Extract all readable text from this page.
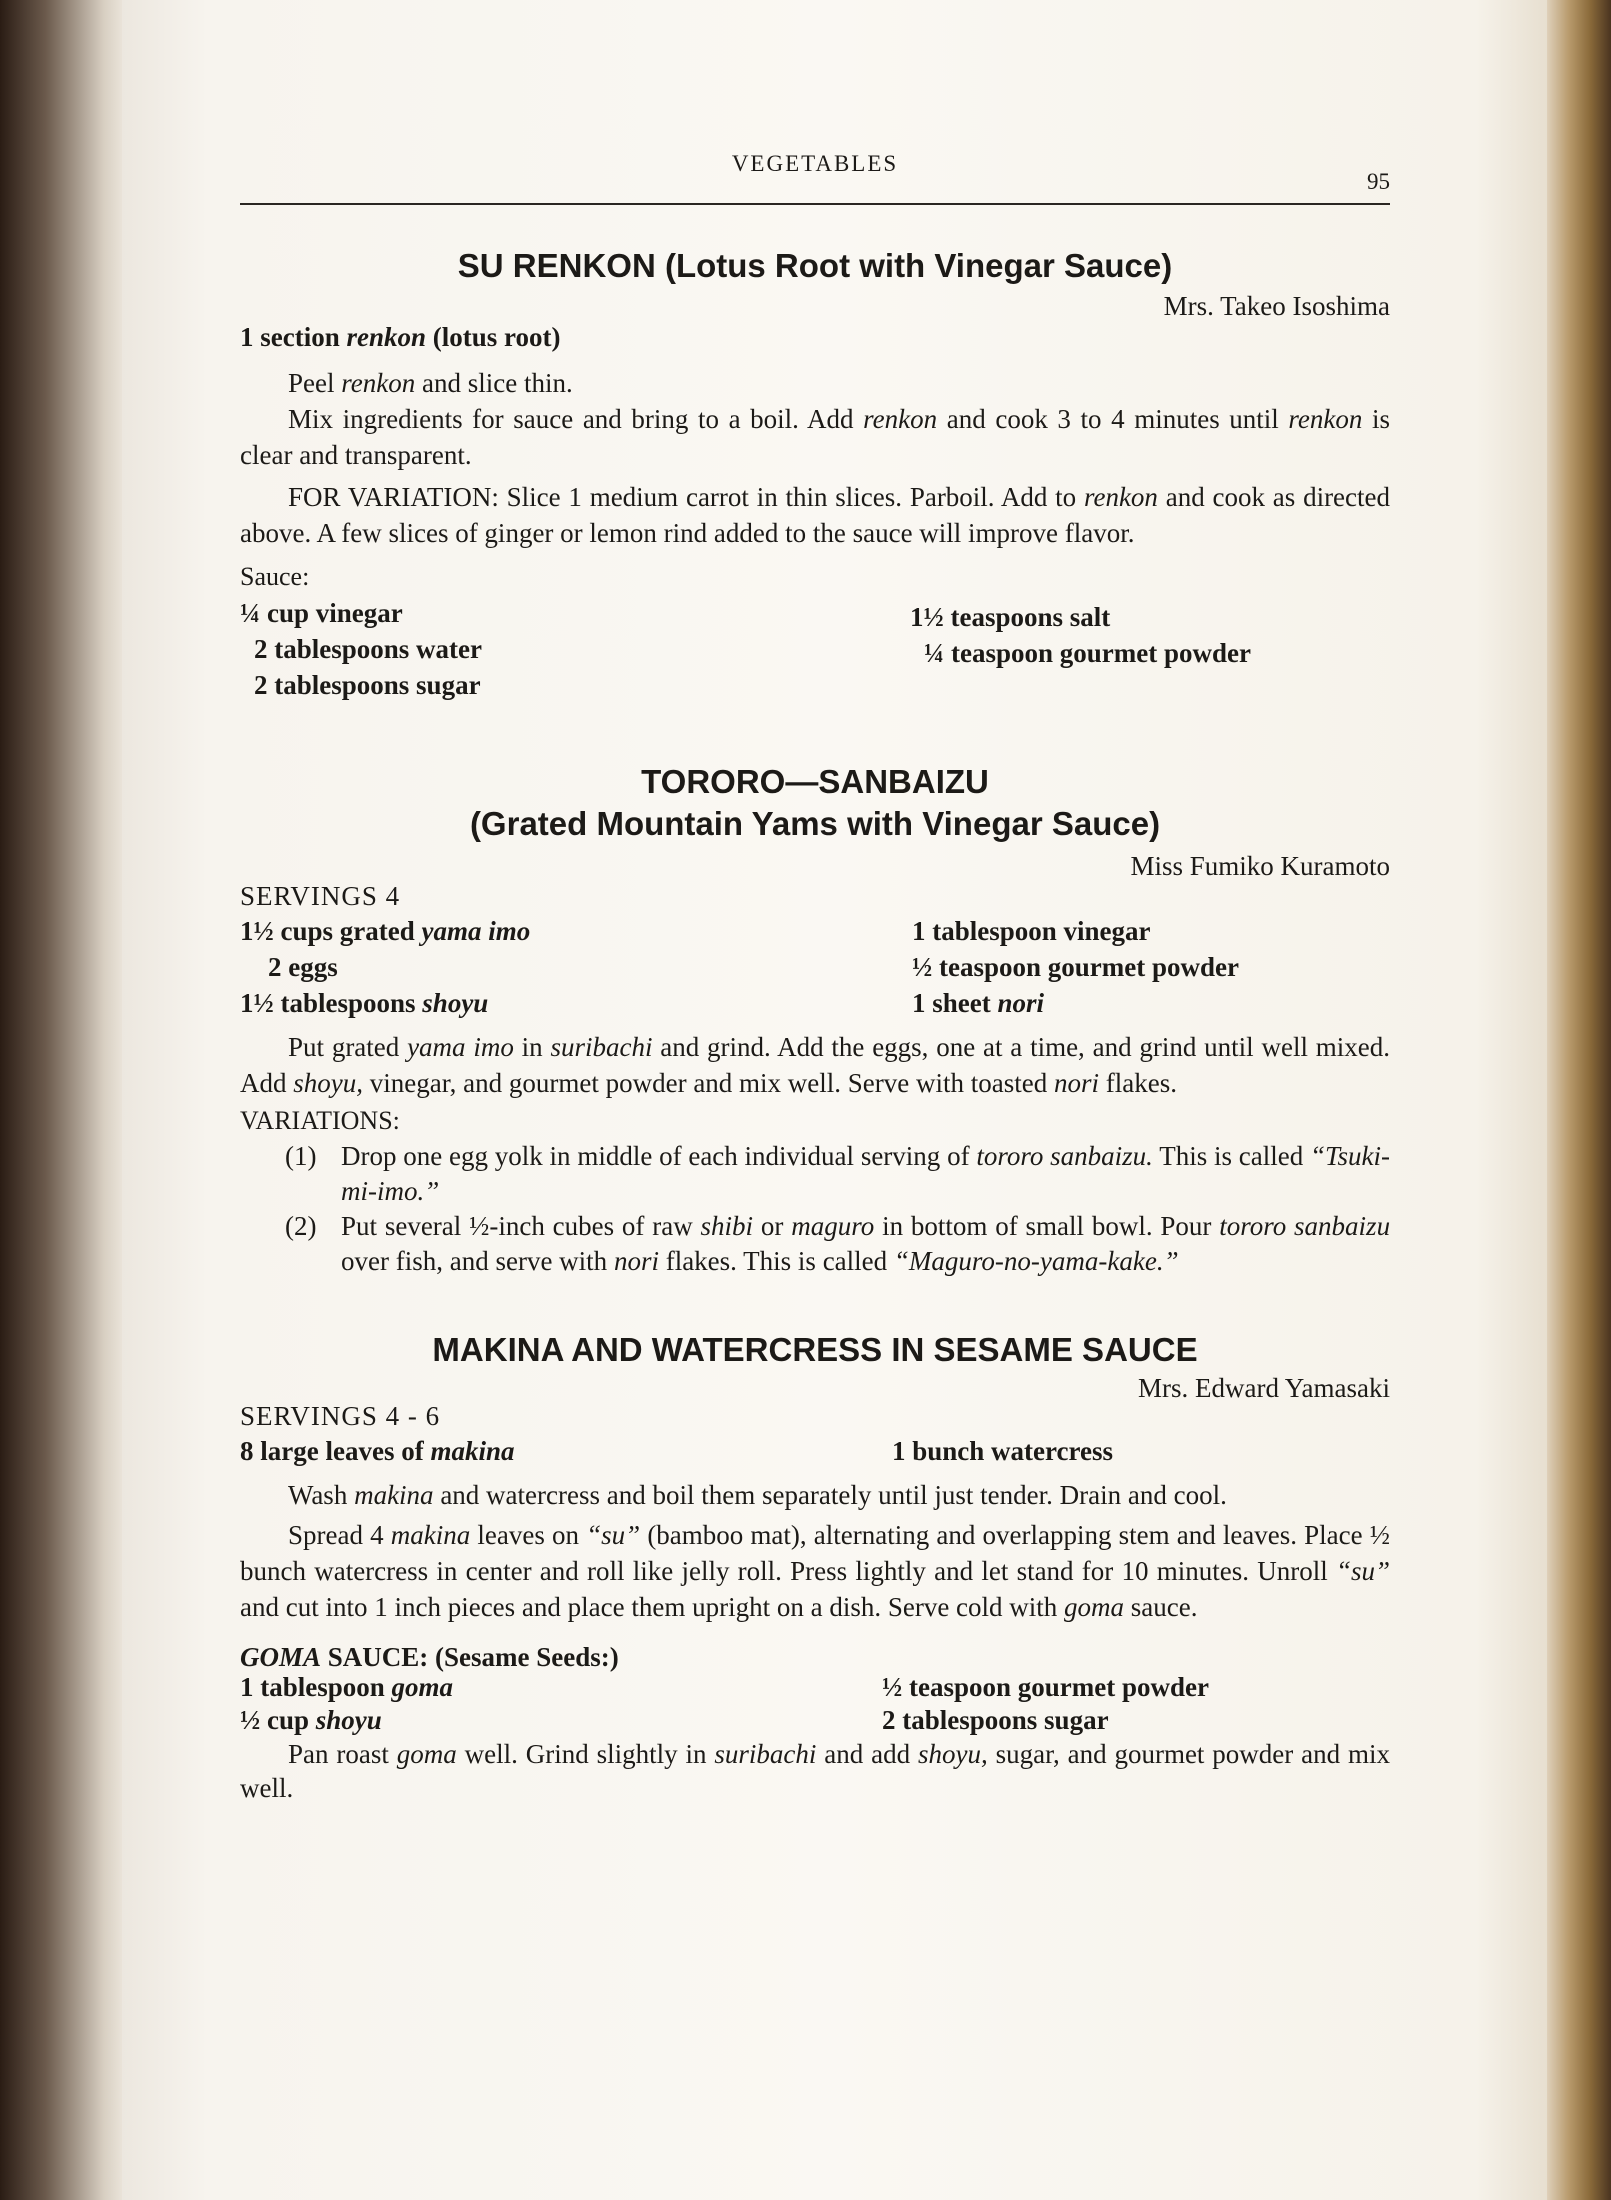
VEGETABLES
95
SU RENKON (Lotus Root with Vinegar Sauce)
Mrs. Takeo Isoshima
1 section renkon (lotus root)

Peel renkon and slice thin.

Mix ingredients for sauce and bring to a boil. Add renkon and cook 3 to 4 minutes until renkon is clear and transparent.

FOR VARIATION: Slice 1 medium carrot in thin slices. Parboil. Add to renkon and cook as directed above. A few slices of ginger or lemon rind added to the sauce will improve flavor.

Sauce:
¼ cup vinegar
2 tablespoons water
2 tablespoons sugar
1½ teaspoons salt
¼ teaspoon gourmet powder
TORORO—SANBAIZU
(Grated Mountain Yams with Vinegar Sauce)
Miss Fumiko Kuramoto
SERVINGS 4
1½ cups grated yama imo
2 eggs
1½ tablespoons shoyu
1 tablespoon vinegar
½ teaspoon gourmet powder
1 sheet nori

Put grated yama imo in suribachi and grind. Add the eggs, one at a time, and grind until well mixed. Add shoyu, vinegar, and gourmet powder and mix well. Serve with toasted nori flakes.

VARIATIONS:
(1) Drop one egg yolk in middle of each individual serving of tororo sanbaizu. This is called “Tsuki-mi-imo.”
(2) Put several ½-inch cubes of raw shibi or maguro in bottom of small bowl. Pour tororo sanbaizu over fish, and serve with nori flakes. This is called “Maguro-no-yama-kake.”
MAKINA AND WATERCRESS IN SESAME SAUCE
Mrs. Edward Yamasaki
SERVINGS 4 - 6
8 large leaves of makina	1 bunch watercress

Wash makina and watercress and boil them separately until just tender. Drain and cool.

Spread 4 makina leaves on “su” (bamboo mat), alternating and overlapping stem and leaves. Place ½ bunch watercress in center and roll like jelly roll. Press lightly and let stand for 10 minutes. Unroll “su” and cut into 1 inch pieces and place them upright on a dish. Serve cold with goma sauce.

GOMA SAUCE: (Sesame Seeds:)
1 tablespoon goma
½ cup shoyu
½ teaspoon gourmet powder
2 tablespoons sugar

Pan roast goma well. Grind slightly in suribachi and add shoyu, sugar, and gourmet powder and mix well.
